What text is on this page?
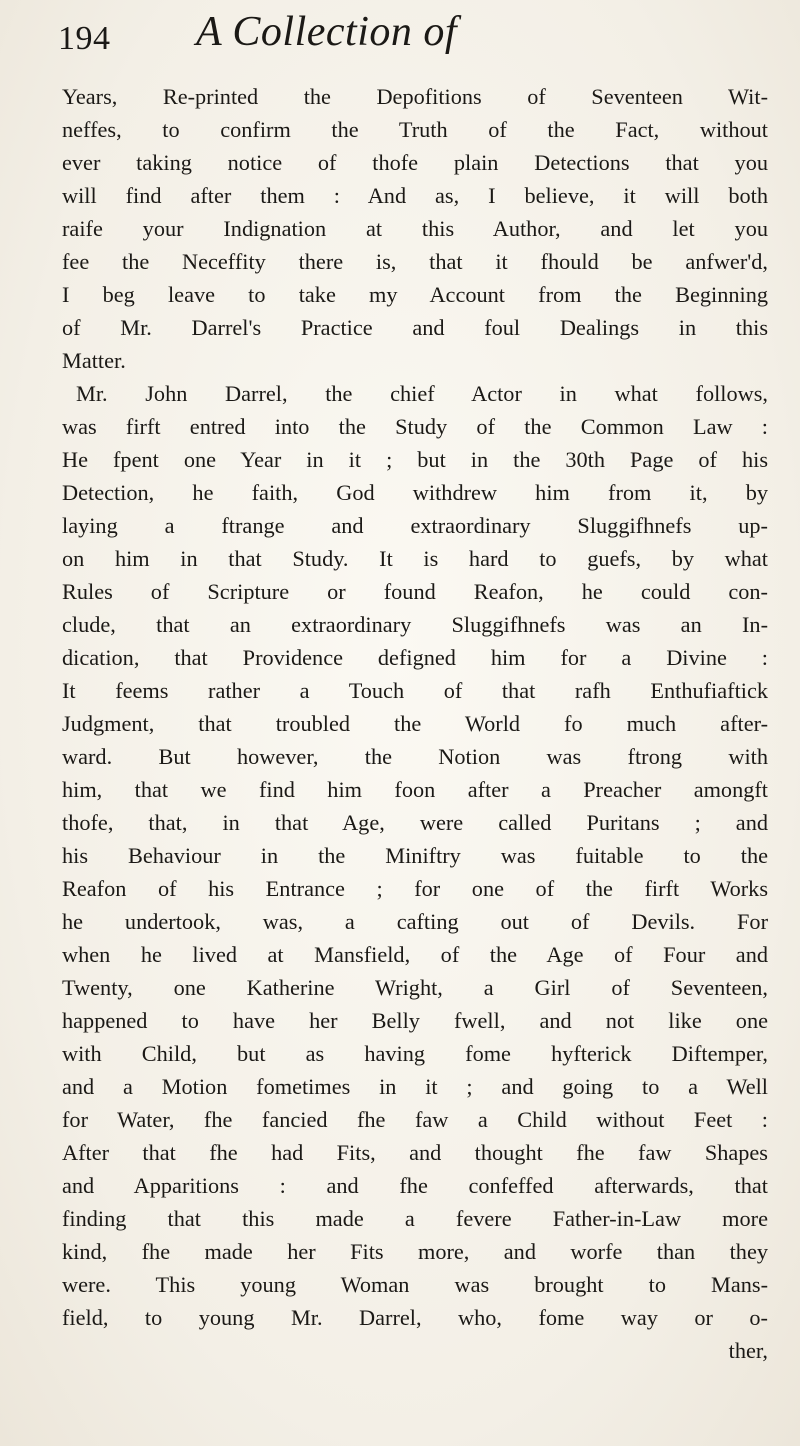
194 A Collection of
Years, Re-printed the Depofitions of Seventeen Wit-
neffes, to confirm the Truth of the Fact, without
ever taking notice of thofe plain Detections that you
will find after them : And as, I believe, it will both
raife your Indignation at this Author, and let you
fee the Neceffity there is, that it fhould be anfwer'd,
I beg leave to take my Account from the Beginning
of Mr. Darrel's Practice and foul Dealings in this
Matter.
Mr. John Darrel, the chief Actor in what follows,
was firft entred into the Study of the Common Law :
He fpent one Year in it ; but in the 30th Page of his
Detection, he faith, God withdrew him from it, by
laying a ftrange and extraordinary Sluggifhnefs up-
on him in that Study. It is hard to guefs, by what
Rules of Scripture or found Reafon, he could con-
clude, that an extraordinary Sluggifhnefs was an In-
dication, that Providence defigned him for a Divine :
It feems rather a Touch of that rafh Enthufiaftick
Judgment, that troubled the World fo much after-
ward. But however, the Notion was ftrong with
him, that we find him foon after a Preacher amongft
thofe, that, in that Age, were called Puritans ; and
his Behaviour in the Miniftry was fuitable to the
Reafon of his Entrance ; for one of the firft Works
he undertook, was, a cafting out of Devils. For
when he lived at Mansfield, of the Age of Four and
Twenty, one Katherine Wright, a Girl of Seventeen,
happened to have her Belly fwell, and not like one
with Child, but as having fome hyfterick Diftemper,
and a Motion fometimes in it ; and going to a Well
for Water, fhe fancied fhe faw a Child without Feet :
After that fhe had Fits, and thought fhe faw Shapes
and Apparitions : and fhe confeffed afterwards, that
finding that this made a fevere Father-in-Law more
kind, fhe made her Fits more, and worfe than they
were. This young Woman was brought to Mans-
field, to young Mr. Darrel, who, fome way or o-
ther,
